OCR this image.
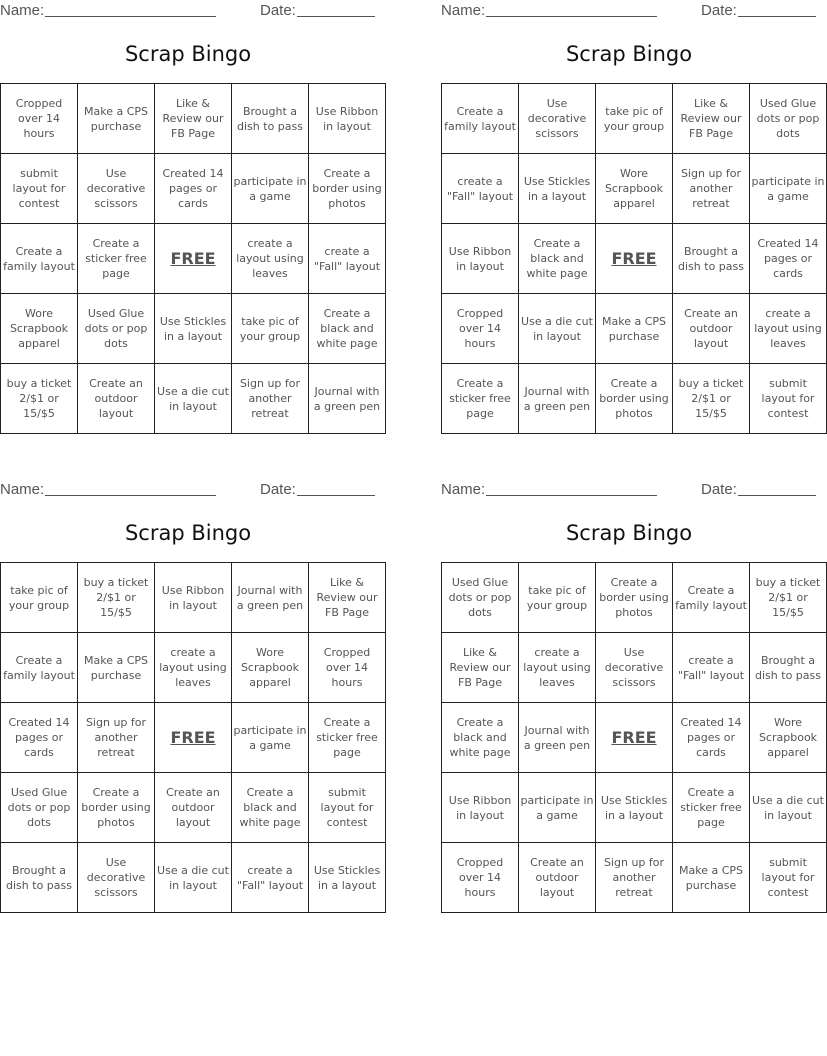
Name:	Date:
Scrap Bingo
Cropped over 14 hours	Make a CPS purchase	Like & Review our FB Page	Brought a dish to pass	Use Ribbon in layout
submit layout for contest	Use decorative scissors	Created 14 pages or cards	participate in a game	Create a border using photos
Create a family layout	Create a sticker free page	FREE	create a layout using leaves	create a "Fall" layout
Wore Scrapbook apparel	Used Glue dots or pop dots	Use Stickles in a layout	take pic of your group	Create a black and white page
buy a ticket 2/$1 or 15/$5	Create an outdoor layout	Use a die cut in layout	Sign up for another retreat	Journal with a green pen
Name:	Date:
Scrap Bingo
Create a family layout	Use decorative scissors	take pic of your group	Like & Review our FB Page	Used Glue dots or pop dots
create a "Fall" layout	Use Stickles in a layout	Wore Scrapbook apparel	Sign up for another retreat	participate in a game
Use Ribbon in layout	Create a black and white page	FREE	Brought a dish to pass	Created 14 pages or cards
Cropped over 14 hours	Use a die cut in layout	Make a CPS purchase	Create an outdoor layout	create a layout using leaves
Create a sticker free page	Journal with a green pen	Create a border using photos	buy a ticket 2/$1 or 15/$5	submit layout for contest
Name:	Date:
Scrap Bingo
take pic of your group	buy a ticket 2/$1 or 15/$5	Use Ribbon in layout	Journal with a green pen	Like & Review our FB Page
Create a family layout	Make a CPS purchase	create a layout using leaves	Wore Scrapbook apparel	Cropped over 14 hours
Created 14 pages or cards	Sign up for another retreat	FREE	participate in a game	Create a sticker free page
Used Glue dots or pop dots	Create a border using photos	Create an outdoor layout	Create a black and white page	submit layout for contest
Brought a dish to pass	Use decorative scissors	Use a die cut in layout	create a "Fall" layout	Use Stickles in a layout
Name:	Date:
Scrap Bingo
Used Glue dots or pop dots	take pic of your group	Create a border using photos	Create a family layout	buy a ticket 2/$1 or 15/$5
Like & Review our FB Page	create a layout using leaves	Use decorative scissors	create a "Fall" layout	Brought a dish to pass
Create a black and white page	Journal with a green pen	FREE	Created 14 pages or cards	Wore Scrapbook apparel
Use Ribbon in layout	participate in a game	Use Stickles in a layout	Create a sticker free page	Use a die cut in layout
Cropped over 14 hours	Create an outdoor layout	Sign up for another retreat	Make a CPS purchase	submit layout for contest
